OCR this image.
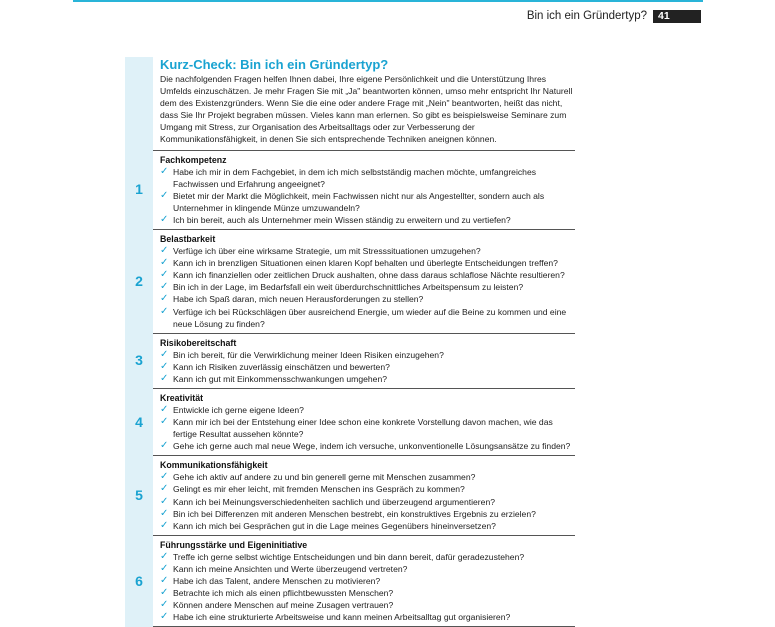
Bin ich ein Gründertyp?	41

Kurz-Check: Bin ich ein Gründertyp?

Die nachfolgenden Fragen helfen Ihnen dabei, Ihre eigene Persönlichkeit und die Unterstützung Ihres Umfelds einzuschätzen. Je mehr Fragen Sie mit „Ja" beantworten können, umso mehr entspricht Ihr Naturell dem des Existenzgründers. Wenn Sie die eine oder andere Frage mit „Nein" beantworten, heißt das nicht, dass Sie Ihr Projekt begraben müssen. Vieles kann man erlernen. So gibt es beispielsweise Seminare zum Umgang mit Stress, zur Organisation des Arbeitsalltags oder zur Verbesserung der Kommunikationsfähigkeit, in denen Sie sich entsprechende Techniken aneignen können.

1
Fachkompetenz
✓ Habe ich mir in dem Fachgebiet, in dem ich mich selbstständig machen möchte, umfangreiches Fachwissen und Erfahrung angeeignet?
✓ Bietet mir der Markt die Möglichkeit, mein Fachwissen nicht nur als Angestellter, sondern auch als Unternehmer in klingende Münze umzuwandeln?
✓ Ich bin bereit, auch als Unternehmer mein Wissen ständig zu erweitern und zu vertiefen?
2
Belastbarkeit
✓ Verfüge ich über eine wirksame Strategie, um mit Stresssituationen umzugehen?
✓ Kann ich in brenzligen Situationen einen klaren Kopf behalten und überlegte Entscheidungen treffen?
✓ Kann ich finanziellen oder zeitlichen Druck aushalten, ohne dass daraus schlaflose Nächte resultieren?
✓ Bin ich in der Lage, im Bedarfsfall ein weit überdurchschnittliches Arbeitspensum zu leisten?
✓ Habe ich Spaß daran, mich neuen Herausforderungen zu stellen?
✓ Verfüge ich bei Rückschlägen über ausreichend Energie, um wieder auf die Beine zu kommen und eine neue Lösung zu finden?
3
Risikobereitschaft
✓ Bin ich bereit, für die Verwirklichung meiner Ideen Risiken einzugehen?
✓ Kann ich Risiken zuverlässig einschätzen und bewerten?
✓ Kann ich gut mit Einkommensschwankungen umgehen?
4
Kreativität
✓ Entwickle ich gerne eigene Ideen?
✓ Kann mir ich bei der Entstehung einer Idee schon eine konkrete Vorstellung davon machen, wie das fertige Resultat aussehen könnte?
✓ Gehe ich gerne auch mal neue Wege, indem ich versuche, unkonventionelle Lösungsansätze zu finden?
5
Kommunikationsfähigkeit
✓ Gehe ich aktiv auf andere zu und bin generell gerne mit Menschen zusammen?
✓ Gelingt es mir eher leicht, mit fremden Menschen ins Gespräch zu kommen?
✓ Kann ich bei Meinungsverschiedenheiten sachlich und überzeugend argumentieren?
✓ Bin ich bei Differenzen mit anderen Menschen bestrebt, ein konstruktives Ergebnis zu erzielen?
✓ Kann ich mich bei Gesprächen gut in die Lage meines Gegenübers hineinversetzen?
6
Führungsstärke und Eigeninitiative
✓ Treffe ich gerne selbst wichtige Entscheidungen und bin dann bereit, dafür geradezustehen?
✓ Kann ich meine Ansichten und Werte überzeugend vertreten?
✓ Habe ich das Talent, andere Menschen zu motivieren?
✓ Betrachte ich mich als einen pflichtbewussten Menschen?
✓ Können andere Menschen auf meine Zusagen vertrauen?
✓ Habe ich eine strukturierte Arbeitsweise und kann meinen Arbeitsalltag gut organisieren?
